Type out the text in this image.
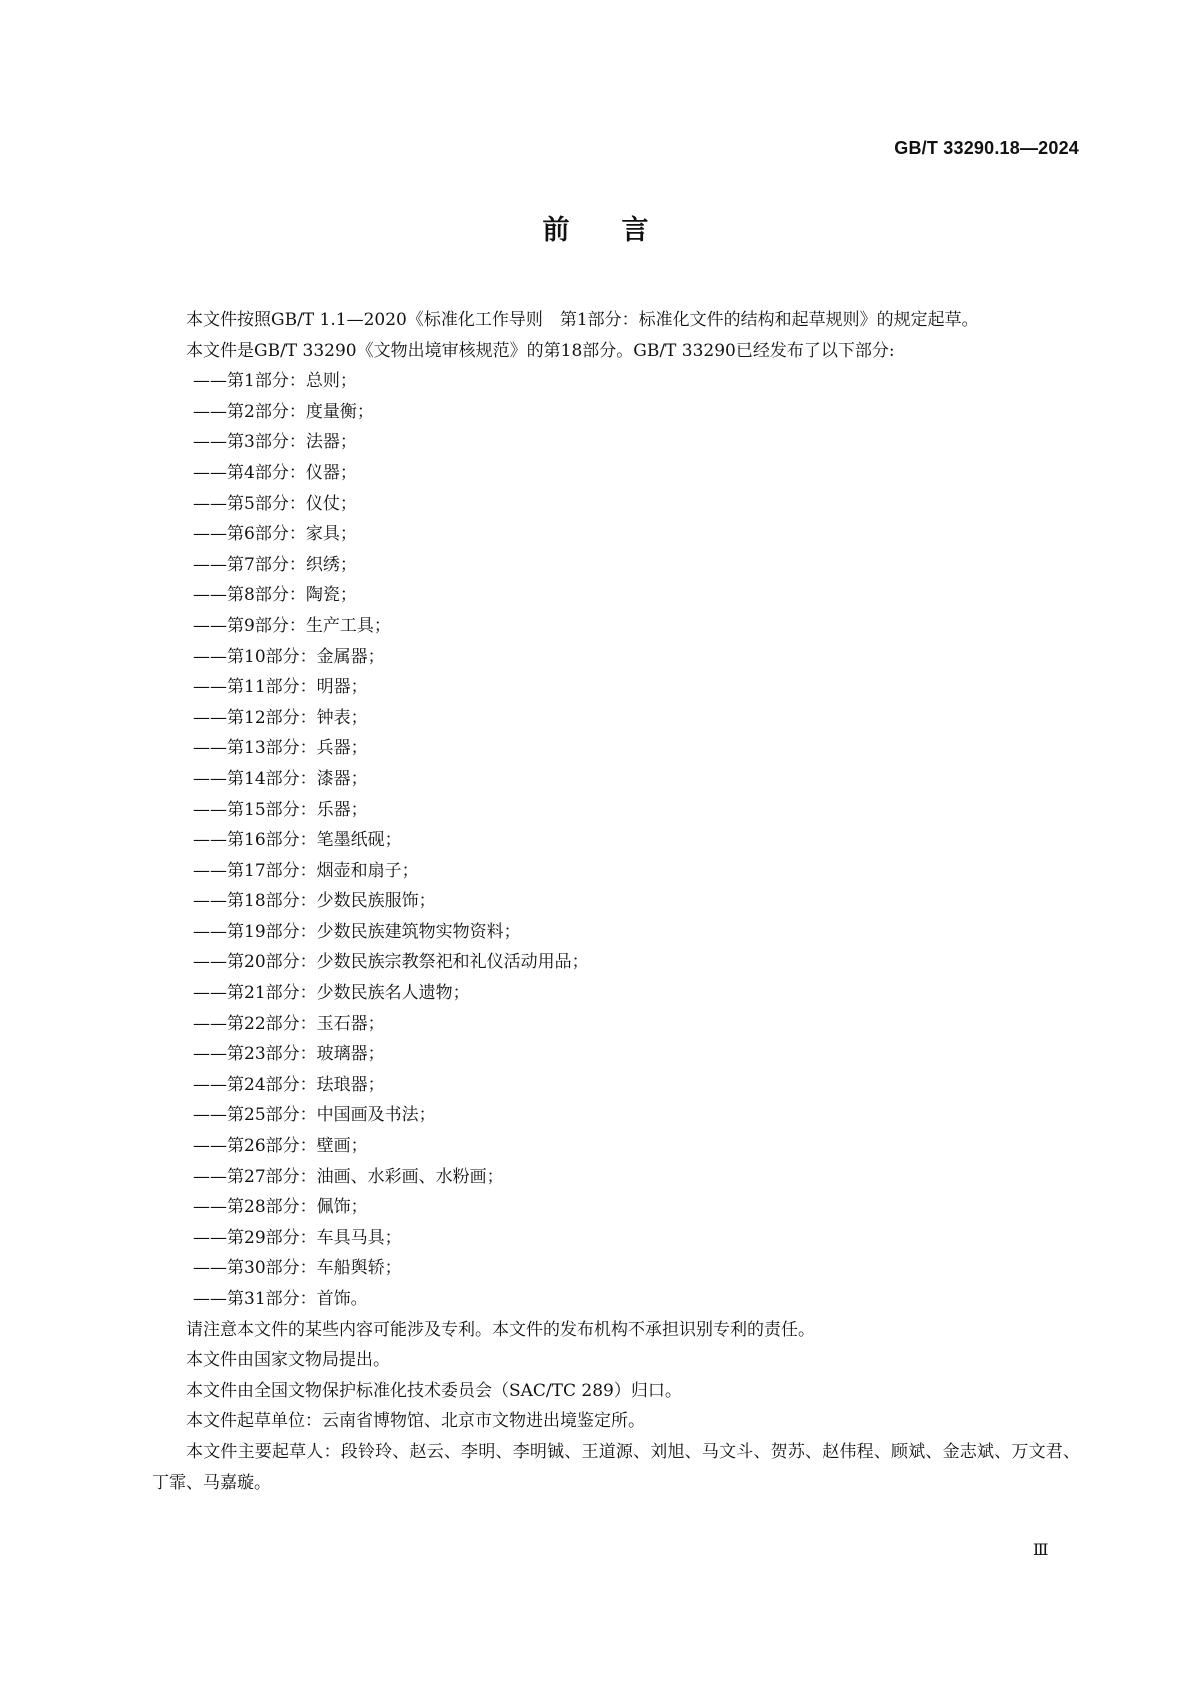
GB/T 33290.18—2024
前 言

本文件按照GB/T 1.1—2020《标准化工作导则　第1部分：标准化文件的结构和起草规则》的规定起草。

本文件是GB/T 33290《文物出境审核规范》的第18部分。GB/T 33290已经发布了以下部分:

——第1部分：总则；
——第2部分：度量衡；
——第3部分：法器；
——第4部分：仪器；
——第5部分：仪仗；
——第6部分：家具；
——第7部分：织绣；
——第8部分：陶瓷；
——第9部分：生产工具；
——第10部分：金属器；
——第11部分：明器；
——第12部分：钟表；
——第13部分：兵器；
——第14部分：漆器；
——第15部分：乐器；
——第16部分：笔墨纸砚；
——第17部分：烟壶和扇子；
——第18部分：少数民族服饰；
——第19部分：少数民族建筑物实物资料；
——第20部分：少数民族宗教祭祀和礼仪活动用品；
——第21部分：少数民族名人遗物；
——第22部分：玉石器；
——第23部分：玻璃器；
——第24部分：珐琅器；
——第25部分：中国画及书法；
——第26部分：壁画；
——第27部分：油画、水彩画、水粉画；
——第28部分：佩饰；
——第29部分：车具马具；
——第30部分：车船舆轿；
——第31部分：首饰。

请注意本文件的某些内容可能涉及专利。本文件的发布机构不承担识别专利的责任。

本文件由国家文物局提出。

本文件由全国文物保护标准化技术委员会（SAC/TC 289）归口。

本文件起草单位：云南省博物馆、北京市文物进出境鉴定所。

本文件主要起草人：段铃玲、赵云、李明、李明铖、王道源、刘旭、马文斗、贺苏、赵伟程、顾斌、金志斌、万文君、丁霏、马嘉璇。

Ⅲ
